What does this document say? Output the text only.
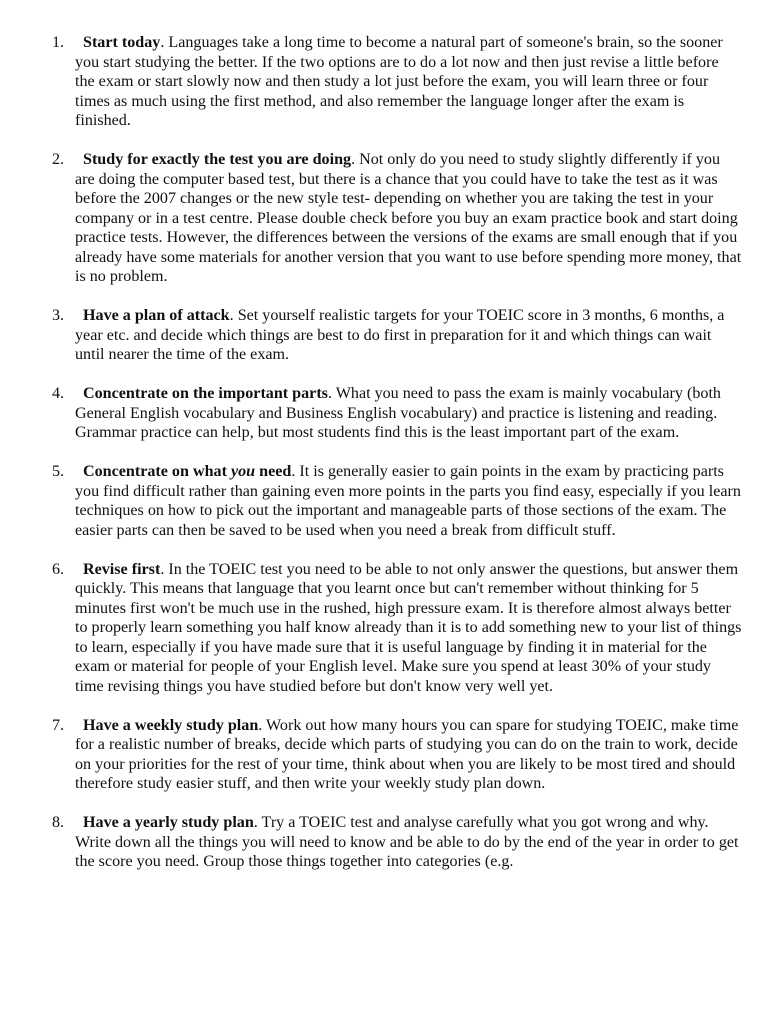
1. Start today. Languages take a long time to become a natural part of someone's brain, so the sooner you start studying the better. If the two options are to do a lot now and then just revise a little before the exam or start slowly now and then study a lot just before the exam, you will learn three or four times as much using the first method, and also remember the language longer after the exam is finished.
2. Study for exactly the test you are doing. Not only do you need to study slightly differently if you are doing the computer based test, but there is a chance that you could have to take the test as it was before the 2007 changes or the new style test- depending on whether you are taking the test in your company or in a test centre. Please double check before you buy an exam practice book and start doing practice tests. However, the differences between the versions of the exams are small enough that if you already have some materials for another version that you want to use before spending more money, that is no problem.
3. Have a plan of attack. Set yourself realistic targets for your TOEIC score in 3 months, 6 months, a year etc. and decide which things are best to do first in preparation for it and which things can wait until nearer the time of the exam.
4. Concentrate on the important parts. What you need to pass the exam is mainly vocabulary (both General English vocabulary and Business English vocabulary) and practice is listening and reading. Grammar practice can help, but most students find this is the least important part of the exam.
5. Concentrate on what you need. It is generally easier to gain points in the exam by practicing parts you find difficult rather than gaining even more points in the parts you find easy, especially if you learn techniques on how to pick out the important and manageable parts of those sections of the exam. The easier parts can then be saved to be used when you need a break from difficult stuff.
6. Revise first. In the TOEIC test you need to be able to not only answer the questions, but answer them quickly. This means that language that you learnt once but can't remember without thinking for 5 minutes first won't be much use in the rushed, high pressure exam. It is therefore almost always better to properly learn something you half know already than it is to add something new to your list of things to learn, especially if you have made sure that it is useful language by finding it in material for the exam or material for people of your English level. Make sure you spend at least 30% of your study time revising things you have studied before but don't know very well yet.
7. Have a weekly study plan. Work out how many hours you can spare for studying TOEIC, make time for a realistic number of breaks, decide which parts of studying you can do on the train to work, decide on your priorities for the rest of your time, think about when you are likely to be most tired and should therefore study easier stuff, and then write your weekly study plan down.
8. Have a yearly study plan. Try a TOEIC test and analyse carefully what you got wrong and why. Write down all the things you will need to know and be able to do by the end of the year in order to get the score you need. Group those things together into categories (e.g.
